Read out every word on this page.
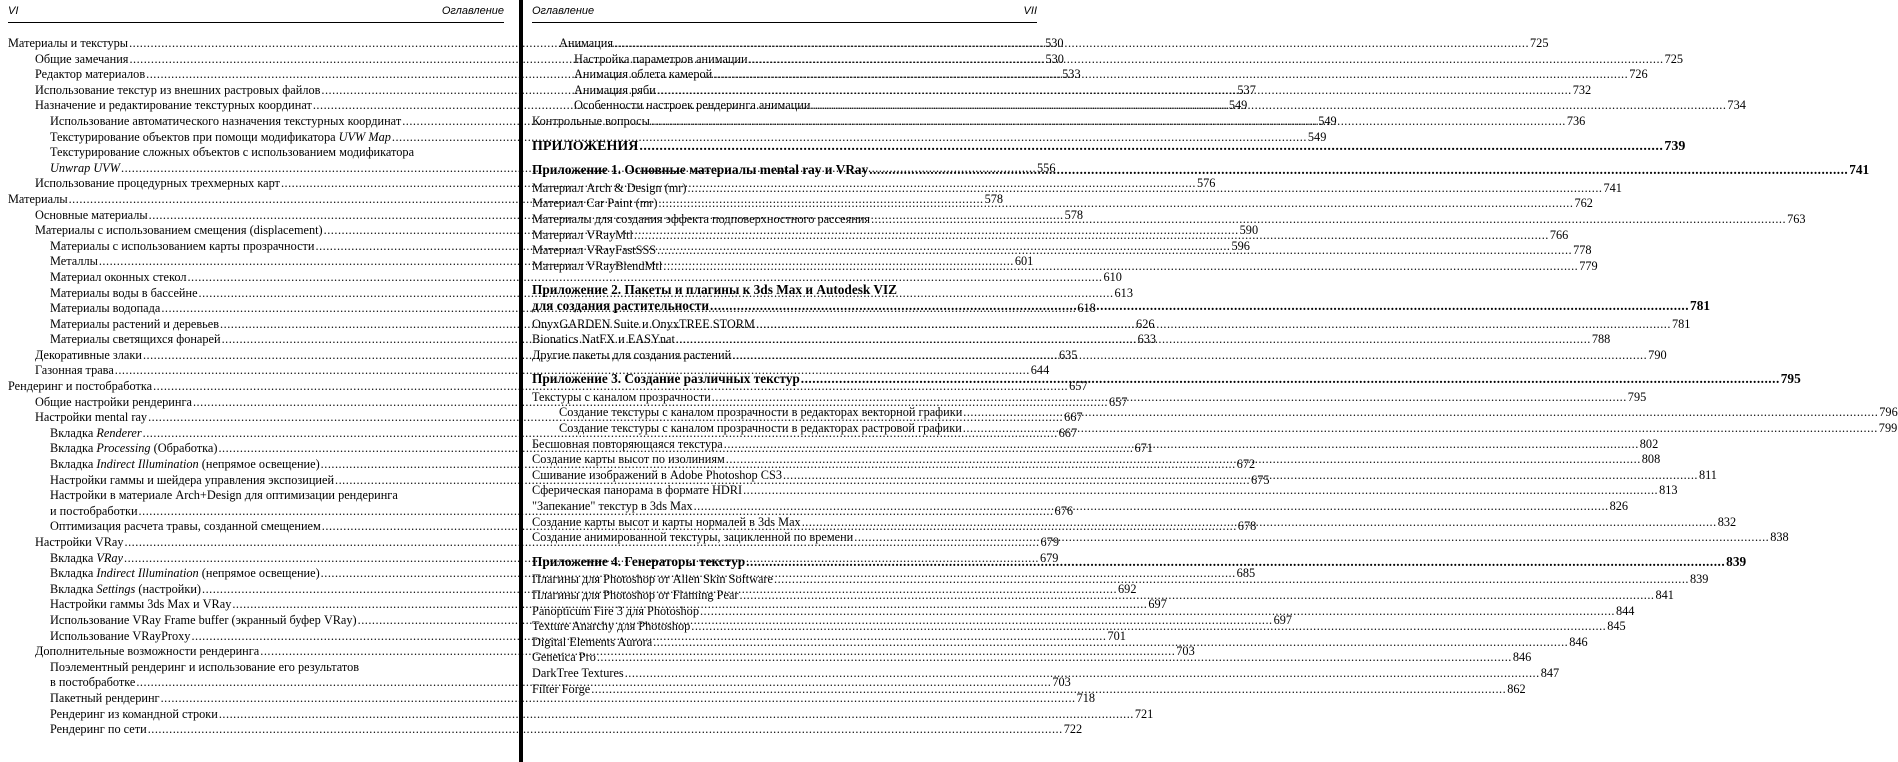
VI	Оглавление
Материалы и текстуры .....	530
Общие замечания .....	530
Редактор материалов .....	533
Использование текстур из внешних растровых файлов .....	537
Назначение и редактирование текстурных координат .....	549
Использование автоматического назначения текстурных координат .....	549
Текстурирование объектов при помощи модификатора UVW Map .....	549
Текстурирование сложных объектов с использованием модификатора
Unwrap UVW .....	556
Использование процедурных трехмерных карт .....	576
Материалы .....	578
Основные материалы .....	578
Материалы с использованием смещения (displacement) .....	590
Материалы с использованием карты прозрачности .....	596
Металлы .....	601
Материал оконных стекол .....	610
Материалы воды в бассейне .....	613
Материалы водопада .....	618
Материалы растений и деревьев .....	626
Материалы светящихся фонарей .....	633
Декоративные злаки .....	635
Газонная трава .....	644
Рендеринг и постобработка .....	657
Общие настройки рендеринга .....	657
Настройки mental ray .....	667
Вкладка Renderer .....	667
Вкладка Processing (Обработка) .....	671
Вкладка Indirect Illumination (непрямое освещение) .....	672
Настройки гаммы и шейдера управления экспозицией .....	675
Настройки в материале Arch+Design для оптимизации рендеринга
и постобработки .....	676
Оптимизация расчета травы, созданной смещением .....	678
Настройки VRay .....	679
Вкладка VRay .....	679
Вкладка Indirect Illumination (непрямое освещение) .....	685
Вкладка Settings (настройки) .....	692
Настройки гаммы 3ds Max и VRay .....	697
Использование VRay Frame buffer (экранный буфер VRay) .....	697
Использование VRayProxy .....	701
Дополнительные возможности рендеринга .....	703
Поэлементный рендеринг и использование его результатов
в постобработке .....	703
Пакетный рендеринг .....	718
Рендеринг из командной строки .....	721
Рендеринг по сети .....	722
Оглавление	VII
Анимация .....	725
Настройка параметров анимации .....	725
Анимация облета камерой .....	726
Анимация ряби .....	732
Особенности настроек рендеринга анимации .....	734
Контрольные вопросы .....	736
ПРИЛОЖЕНИЯ .....	739
Приложение 1. Основные материалы mental ray и VRay .....	741
Материал Arch & Design (mr) .....	741
Материал Car Paint (mr) .....	762
Материалы для создания эффекта подповерхностного рассеяния .....	763
Материал VRayMtl .....	766
Материал VRayFastSSS .....	778
Материал VRayBlendMtl .....	779
Приложение 2. Пакеты и плагины к 3ds Max и Autodesk VIZ
для создания растительности .....	781
OnyxGARDEN Suite и OnyxTREE STORM .....	781
Bionatics NatFX и EASYnat .....	788
Другие пакеты для создания растений .....	790
Приложение 3. Создание различных текстур .....	795
Текстуры с каналом прозрачности .....	795
Создание текстуры с каналом прозрачности в редакторах векторной графики .....	796
Создание текстуры с каналом прозрачности в редакторах растровой графики .....	799
Бесшовная повторяющаяся текстура .....	802
Создание карты высот по изолиниям .....	808
Сшивание изображений в Adobe Photoshop CS3 .....	811
Сферическая панорама в формате HDRI .....	813
"Запекание" текстур в 3ds Max .....	826
Создание карты высот и карты нормалей в 3ds Max .....	832
Создание анимированной текстуры, зацикленной по времени .....	838
Приложение 4. Генераторы текстур .....	839
Плагины для Photoshop от Alien Skin Software .....	839
Плагины для Photoshop от Flaming Pear .....	841
Panopticum Fire 3 для Photoshop .....	844
Texture Anarchy для Photoshop .....	845
Digital Elements Aurora .....	846
Genetica Pro .....	846
DarkTree Textures .....	847
Filter Forge .....	862
